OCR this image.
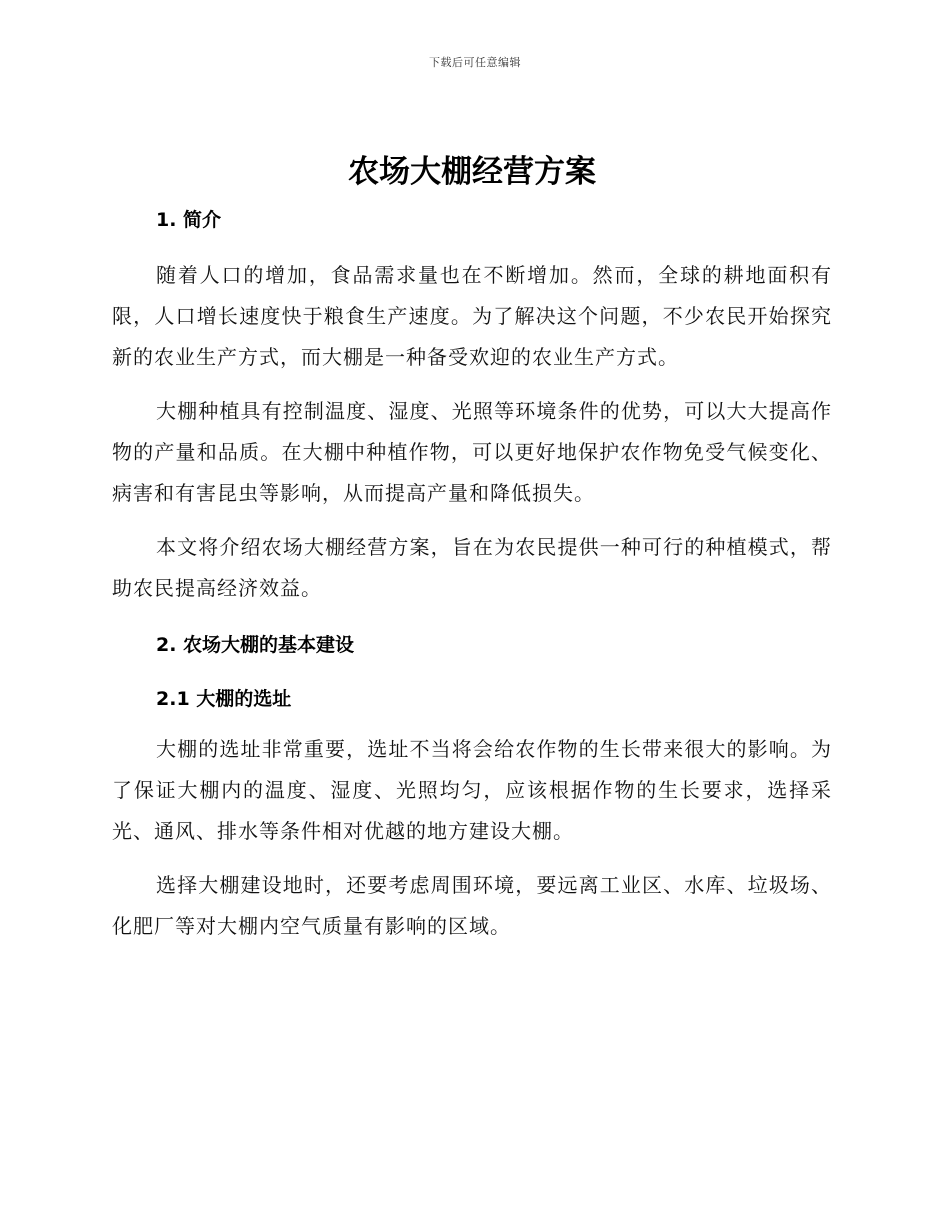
下载后可任意编辑
农场大棚经营方案
1. 简介

随着人口的增加，食品需求量也在不断增加。然而，全球的耕地面积有限，人口增长速度快于粮食生产速度。为了解决这个问题，不少农民开始探究新的农业生产方式，而大棚是一种备受欢迎的农业生产方式。

大棚种植具有控制温度、湿度、光照等环境条件的优势，可以大大提高作物的产量和品质。在大棚中种植作物，可以更好地保护农作物免受气候变化、病害和有害昆虫等影响，从而提高产量和降低损失。

本文将介绍农场大棚经营方案，旨在为农民提供一种可行的种植模式，帮助农民提高经济效益。

2. 农场大棚的基本建设
2.1 大棚的选址

大棚的选址非常重要，选址不当将会给农作物的生长带来很大的影响。为了保证大棚内的温度、湿度、光照均匀，应该根据作物的生长要求，选择采光、通风、排水等条件相对优越的地方建设大棚。

选择大棚建设地时，还要考虑周围环境，要远离工业区、水库、垃圾场、化肥厂等对大棚内空气质量有影响的区域。
